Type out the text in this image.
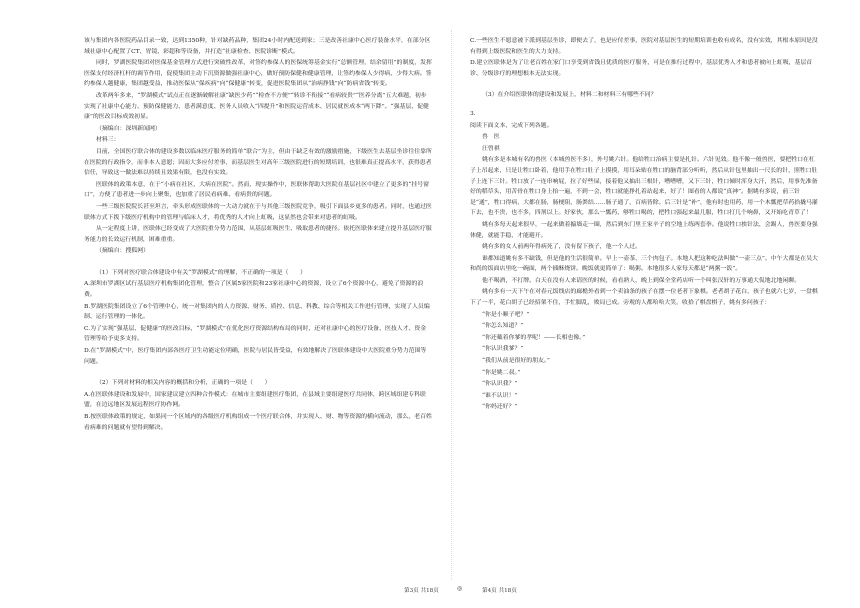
该与集团内各医院药品目录一致，达到1350种，针对缺药品种，集团24小时内配送到家；三是改善社康中心医疗装备水平，在部分区域社康中心配置了CT、胃镜、彩超和等设备，并打造“社康检查、医院诊断”模式。

同时，罗湖医院集团对医保基金管理方式进行突破性改革，对签约参保人的医保统筹基金实行“总额管理，结余留用”的制度，发挥医保支付经济杠杆的调节作用，促使集团主动下沉资源做强社康中心，做好预防保健和健康管理，让签约参保人少得病、少得大病。签约参保人越健康，集团越受益，推动医保从“保疾病”向“保健康”转变，促进医院集团从“治病挣钱”向“防病省钱”转变。

改革两年多来，“罗湖模式”试点正在逐渐破解社康“缺医少药”“检查不方便”“转诊不衔接”“看病较贵”“医养分离”五大难题，初步实现了社康中心能力、预防保健能力、患者满意度、医务人员收入“四提升”和医院运营成本、居民就医成本“两下降”。“强基层、促健康”的医改目标成效初显。

（摘编自：深圳新闻网）

材料三：

目前，全国医疗联合体的建设多数以临床医疗服务的简单“联合”为主，但由于缺乏有效的激励措施，下级医生去基层坐诊往往靠所在医院的行政指令，而非本人意愿；因而大多应付差事，而基层医生对高年三级医院进行的短期培训，也很难真正提高水平，获得患者信任，导致这一做法难以持续且效果有限，也没有实效。

医联体的政策本意，在于“小病在社区，大病在医院”。然而，现实操作中，医联体帮助大医院在基层社区中建立了更多的“挂号窗口”，方便了患者进一步向上聚集，也加重了居民看病难、看病贵的问题。

一些三级医院院长甚至坦言，牵头形成医联体的一大动力就在于与其他三级医院竞争，吸引下面县乡更多的患者。同时，也通过医联体方式下拨下级医疗机构中的管理与临床人才，将优秀的人才向上虹吸，这显然也会带来对患者的虹吸。

从一定程度上讲，医联体已经变成了大医院重分势力范围，从基层虹吸医生、吸取患者的捷径。依托医联体来建立提升基层医疗服务能力的长效运行机制，困难重重。

（摘编自：搜狐网）

（1）下列对医疗联合体建设中有关“罗湖模式”的理解，不正确的一项是（　　）

A.深圳市罗湖区试行基层医疗机构集团化管理，整合了区属5家医院和23家社康中心的资源，设立了6个资源中心，避免了资源的浪费。

B.罗湖医院集团设立了6个管理中心，统一对集团内的人力资源、财务、质控、信息、科教、综合等相关工作进行管理，实现了人员编制、运行管理的一体化。

C.为了实现“强基层、促健康”的医改目标，“罗湖模式”在优化医疗资源结构布局的同时，还对社康中心的医疗设备、医技人才、资金管理等给予更多支持。

D.在“罗湖模式”中，医疗集团内部各医疗卫生功能定位明确，医院与居民皆受益，有效地解决了医联体建设中大医院重分势力范围等问题。

（2）下列对材料的相关内容的概括和分析，正确的一项是（　　）

A.在医联体建设和发展中，国家建议建立四种合作模式：在城市主要组建医疗集团，在县域主要组建医疗共同体，跨区域组建专科联盟，在边远地区发展远程医疗协作网。

B.按医联体政策的规定，如果同一个区域内的各级医疗机构组成一个医疗联合体，并实现人、财、物等资源的横向流动，那么，老百姓看病难的问题就有望得到解决。

C.一些医生不愿意被下派到基层坐诊，即便去了，也是应付差事，医院对基层医生的短期培训也收有成名，没有实效，其根本原因是没有得到上级医院和医生的大力支持。

D.建立医联体是为了让老百姓在家门口享受到省钱且优质的医疗服务，可是在推行过程中，基层优秀人才和患者被向上虹吸，基层首诊、分级诊疗的理想根本无法实现。

（3）在介绍医联体的建设和发展上，材料二和材料三有哪些不同？

3.

阅读下面文本，完成下列各题。

兽　医

汪曾祺

姚有多是本城有名的兽医（本城兽医不多），外号姚六针。他给牲口治病主要是扎针。六针见效。他不像一般兽医，要把牲口在杠子上吊起来，只是让牲口卧着，他用手在牲口肚子上摸摸，用耳朵贴在牲口的脑背部分听听，然后从针包里抽出一尺长的针，照牲口肚子上连下三针。牲口放了一连串响屁，拉了好些屎，接着他又抽出三根针，嘈嘈嘈，又下三针，牲口倾时浑身大汗，然后，用事先准备好的稻草头，用苦骨在牲口身上抬一遍，不到一会，牲口就能挣扎着站起来，好了！图看的人都说“真神”。据姚有多说，前三针是“通”，牲口得病，大都在肠，肠梗阻，肠粪结……肠子通了，百病皆除。后三针是“补”，他有时也用药，用一个木瓢把草药拾撬马灌下去，也不贵，也不多，四剂以上。好家伙，那么一瓢药，够牲口喝的，把牲口强起来最几服，牲口打几个响鼻，又开始吃青草了！

姚有多每天起来很早，一起来做着搧墙走一圈，然后到东门里王家辛子的空地上练两套拳。他说牲口挨针法，会踢人，兽医要身强体健，就能手稳，才能避开。

姚有多的女人前两年得病死了，没有留下孩子，他一个人过。

谁都知道姚有多不缺钱，但是他的生活很简单。早上一壶茶、三个肉包子。本地人把这种吃法叫做“一壶三点”。中午大都是在吴大和尚的饭面店里吃一碗面，两个插酥烧饼。晚饭就更简单了：喝粥。本地很多人家每天都是“两粥一饭”。

他不喝酒，不打牌。白天在没有人来请医的时候，看看熟人，晚上到保全堂药店听一个叫张汉轩的万事通大侃地北地闲聊。

姚有多有一天下午在对春元饭线店的廊檐外看到一个卖油条的孩子在摆一位老者下象棋。老者胡子花白，孩子也就六七岁，一盘棋下了一半，花白胡子已经招架不住，手忙脚乱，败局已成。旁观的人都哈哈大笑，收拾了棋盘棋子，姚有多问孩子：

“你是小顺子吧？”

“你怎么知道？”

“你还戴着你爹的孝呢！——长相也像。”

“你认识我爹？”

“我们从前是很好的朋友。”

“你是姚二叔。”

“你认识我？”

“谁不认识！”

“你妈还好？”

第3页 共18页	◎	第4页 共18页
